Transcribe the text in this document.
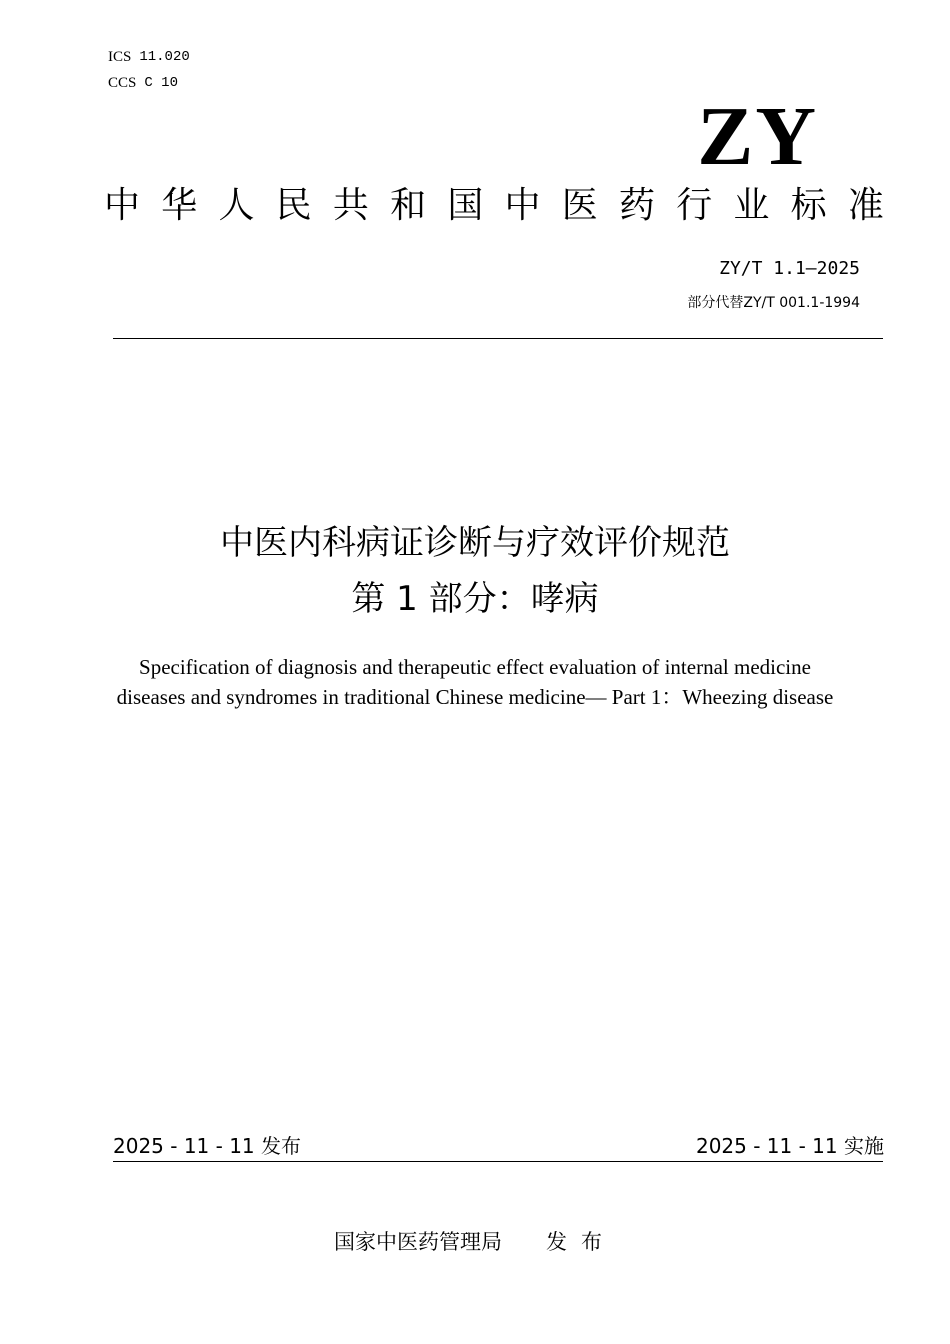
ICS 11.020
CCS C 10
ZY
中 华 人 民 共 和 国 中 医 药 行 业 标 准
ZY/T 1.1—2025
部分代替ZY/T 001.1-1994
中医内科病证诊断与疗效评价规范
第 1 部分：哮病
Specification of diagnosis and therapeutic effect evaluation of internal medicine
diseases and syndromes in traditional Chinese medicine— Part 1：Wheezing disease
2025 - 11 - 11 发布	2025 - 11 - 11 实施
国家中医药管理局 发布
